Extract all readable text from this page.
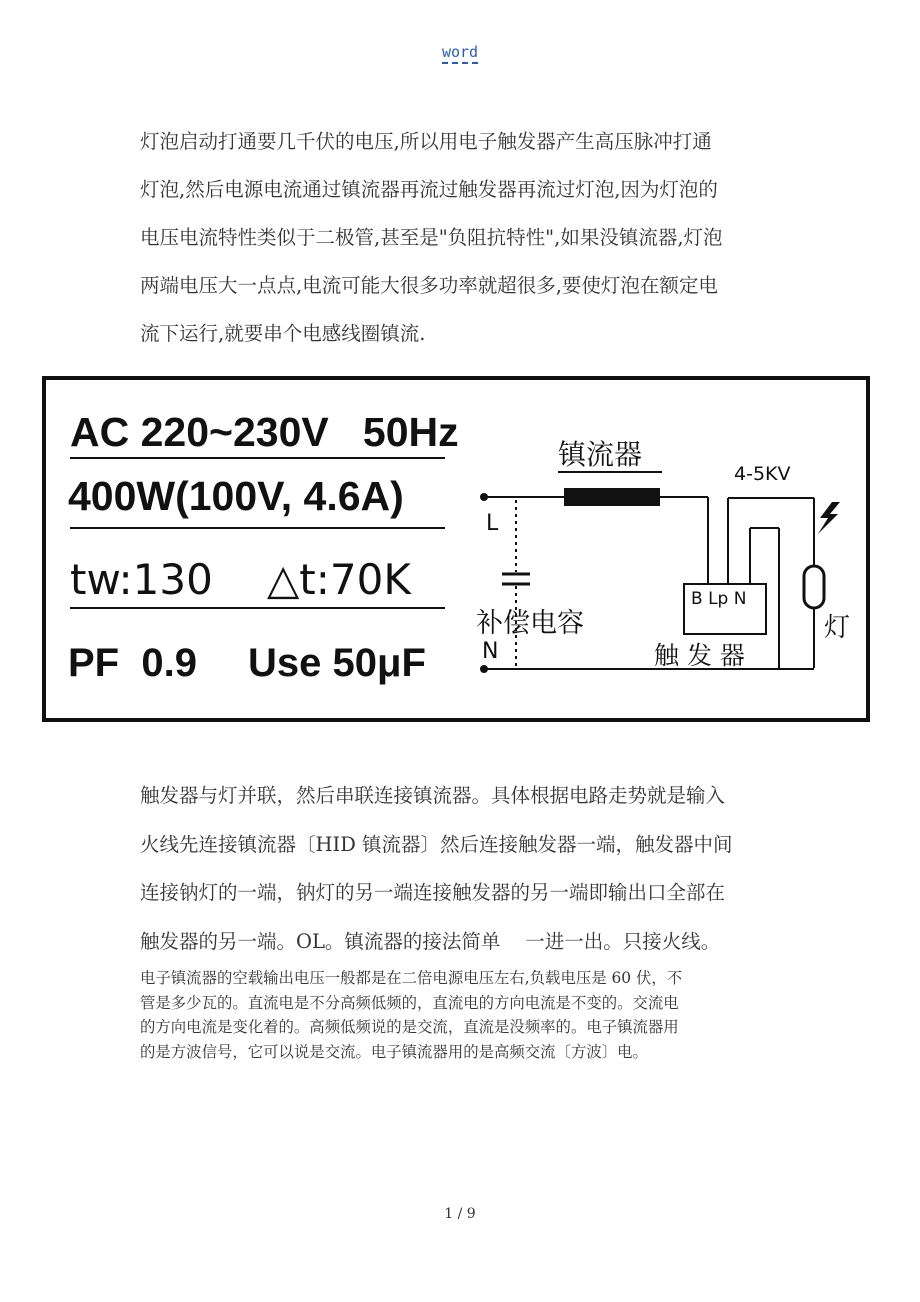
word

灯泡启动打通要几千伏的电压,所以用电子触发器产生高压脉冲打通
灯泡,然后电源电流通过镇流器再流过触发器再流过灯泡,因为灯泡的
电压电流特性类似于二极管,甚至是"负阻抗特性",如果没镇流器,灯泡
两端电压大一点点,电流可能大很多功率就超很多,要使灯泡在额定电
流下运行,就要串个电感线圈镇流.

AC 220~230V   50Hz
400W(100V, 4.6A)
tw:130 △t:70K
PF  0.9 Use 50μF
L
N
镇流器
补偿电容
B Lp N
触 发 器
4-5KV
灯

触发器与灯并联，然后串联连接镇流器。具体根据电路走势就是输入
火线先连接镇流器〔HID 镇流器〕然后连接触发器一端，触发器中间
连接钠灯的一端，钠灯的另一端连接触发器的另一端即输出口全部在
触发器的另一端。OL。镇流器的接法简单    一进一出。只接火线。

电子镇流器的空载输出电压一般都是在二倍电源电压左右,负载电压是 60 伏，不
管是多少瓦的。直流电是不分高频低频的，直流电的方向电流是不变的。交流电
的方向电流是变化着的。高频低频说的是交流，直流是没频率的。电子镇流器用
的是方波信号，它可以说是交流。电子镇流器用的是高频交流〔方波〕电。

1 / 9
